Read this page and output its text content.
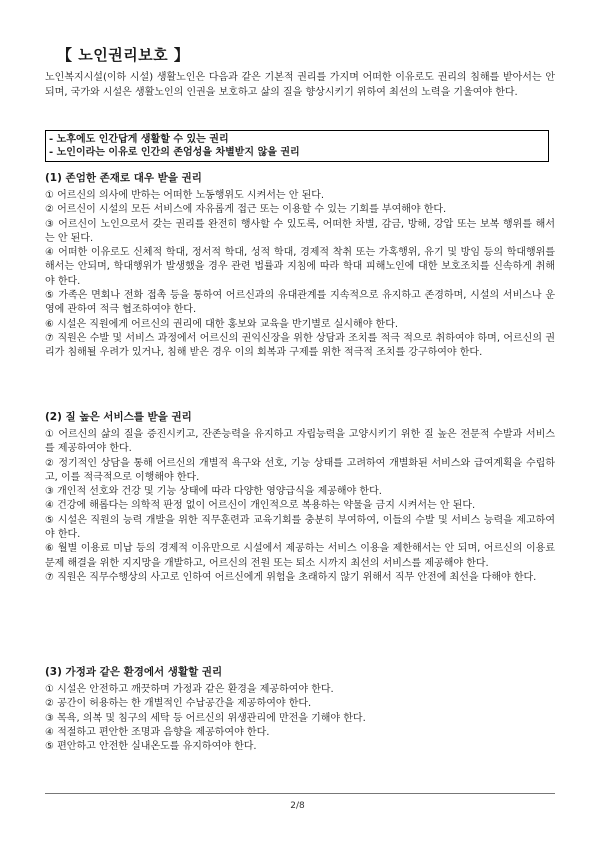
【 노인권리보호 】
노인복지시설(이하 시설) 생활노인은 다음과 같은 기본적 권리를 가지며 어떠한 이유로도 권리의 침해를 받아서는 안 되며, 국가와 시설은 생활노인의 인권을 보호하고 삶의 질을 향상시키기 위하여 최선의 노력을 기울여야 한다.
- 노후에도 인간답게 생활할 수 있는 권리
- 노인이라는 이유로 인간의 존엄성을 차별받지 않을 권리
(1) 존엄한 존재로 대우 받을 권리

① 어르신의 의사에 반하는 어떠한 노동행위도 시켜서는 안 된다.

② 어르신이 시설의 모든 서비스에 자유롭게 접근 또는 이용할 수 있는 기회를 부여해야 한다.

③ 어르신이 노인으로서 갖는 권리를 완전히 행사할 수 있도록, 어떠한 차별, 감금, 방해, 강압 또는 보복 행위를 해서는 안 된다.

④ 어떠한 이유로도 신체적 학대, 정서적 학대, 성적 학대, 경제적 착취 또는 가혹행위, 유기 및 방임 등의 학대행위를 해서는 안되며, 학대행위가 발생했을 경우 관련 법률과 지침에 따라 학대 피해노인에 대한 보호조치를 신속하게 취해야 한다.

⑤ 가족은 면회나 전화 접촉 등을 통하여 어르신과의 유대관계를 지속적으로 유지하고 존경하며, 시설의 서비스나 운영에 관하여 적극 협조하여야 한다.

⑥ 시설은 직원에게 어르신의 권리에 대한 홍보와 교육을 반기별로 실시해야 한다.

⑦ 직원은 수발 및 서비스 과정에서 어르신의 권익신장을 위한 상담과 조치를 적극 적으로 취하여야 하며, 어르신의 권리가 침해될 우려가 있거나, 침해 받은 경우 이의 회복과 구제를 위한 적극적 조치를 강구하여야 한다.

(2) 질 높은 서비스를 받을 권리

① 어르신의 삶의 질을 증진시키고, 잔존능력을 유지하고 자립능력을 고양시키기 위한 질 높은 전문적 수발과 서비스를 제공하여야 한다.

② 정기적인 상담을 통해 어르신의 개별적 욕구와 선호, 기능 상태를 고려하여 개별화된 서비스와 급여계획을 수립하고, 이를 적극적으로 이행해야 한다.

③ 개인적 선호와 건강 및 기능 상태에 따라 다양한 영양급식을 제공해야 한다.

④ 건강에 해롭다는 의학적 판정 없이 어르신이 개인적으로 복용하는 약물을 금지 시켜서는 안 된다.

⑤ 시설은 직원의 능력 개발을 위한 직무훈련과 교육기회를 충분히 부여하여, 이들의 수발 및 서비스 능력을 제고하여야 한다.

⑥ 월별 이용료 미납 등의 경제적 이유만으로 시설에서 제공하는 서비스 이용을 제한해서는 안 되며, 어르신의 이용료 문제 해결을 위한 지지망을 개발하고, 어르신의 전원 또는 퇴소 시까지 최선의 서비스를 제공해야 한다.

⑦ 직원은 직무수행상의 사고로 인하여 어르신에게 위험을 초래하지 않기 위해서 직무 안전에 최선을 다해야 한다.

(3) 가정과 같은 환경에서 생활할 권리

① 시설은 안전하고 깨끗하며 가정과 같은 환경을 제공하여야 한다.

② 공간이 허용하는 한 개별적인 수납공간을 제공하여야 한다.

③ 목욕, 의복 및 침구의 세탁 등 어르신의 위생관리에 만전을 기해야 한다.

④ 적절하고 편안한 조명과 음향을 제공하여야 한다.

⑤ 편안하고 안전한 실내온도를 유지하여야 한다.

2/8
